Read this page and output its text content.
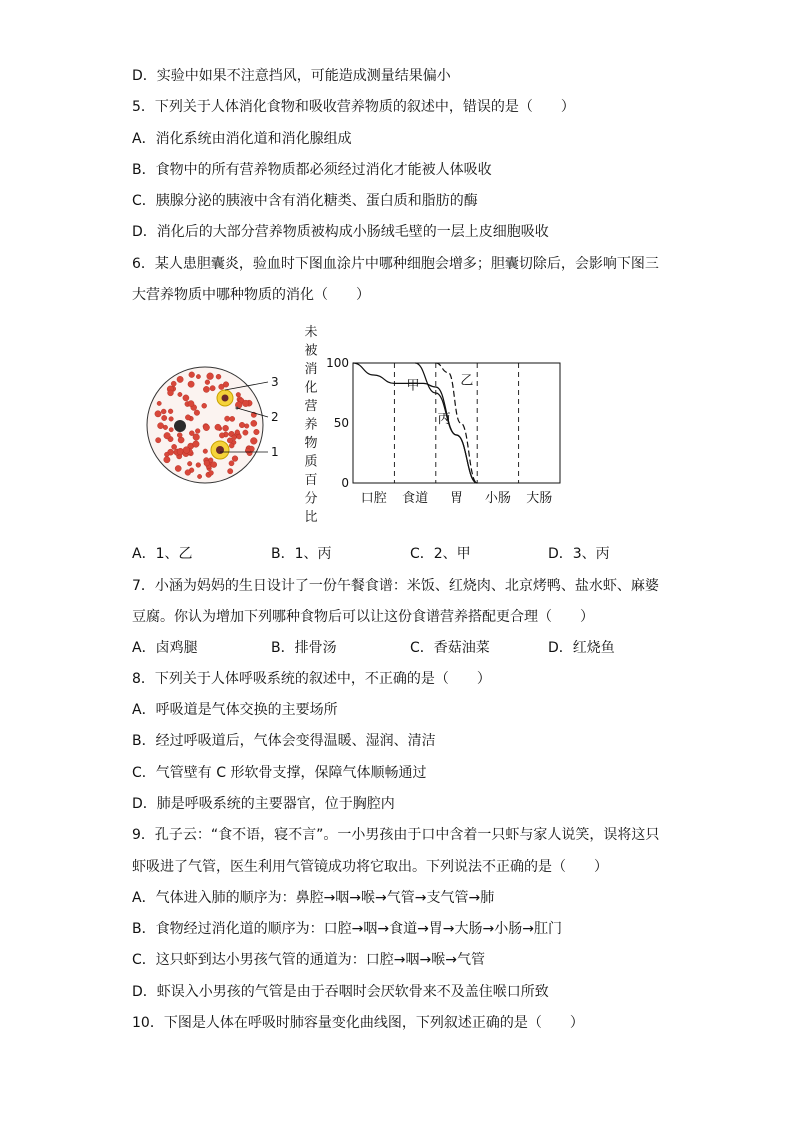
D．实验中如果不注意挡风，可能造成测量结果偏小
5．下列关于人体消化食物和吸收营养物质的叙述中，错误的是（　　）
A．消化系统由消化道和消化腺组成
B．食物中的所有营养物质都必须经过消化才能被人体吸收
C．胰腺分泌的胰液中含有消化糖类、蛋白质和脂肪的酶
D．消化后的大部分营养物质被构成小肠绒毛壁的一层上皮细胞吸收
6．某人患胆囊炎，验血时下图血涂片中哪种细胞会增多；胆囊切除后，会影响下图三
大营养物质中哪种物质的消化（　　）
3
2
1
未
被
消
化
营
养
物
质
百
分
比
100
50
0
口腔 食道 胃 小肠 大肠
甲
丙
乙
A．1、乙	B．1、丙	C．2、甲	D．3、丙
7．小涵为妈妈的生日设计了一份午餐食谱：米饭、红烧肉、北京烤鸭、盐水虾、麻婆
豆腐。你认为增加下列哪种食物后可以让这份食谱营养搭配更合理（　　）
A．卤鸡腿	B．排骨汤	C．香菇油菜	D．红烧鱼
8．下列关于人体呼吸系统的叙述中，不正确的是（　　）
A．呼吸道是气体交换的主要场所
B．经过呼吸道后，气体会变得温暖、湿润、清洁
C．气管壁有 C 形软骨支撑，保障气体顺畅通过
D．肺是呼吸系统的主要器官，位于胸腔内
9．孔子云：“食不语，寝不言”。一小男孩由于口中含着一只虾与家人说笑，误将这只
虾吸进了气管，医生利用气管镜成功将它取出。下列说法不正确的是（　　）
A．气体进入肺的顺序为：鼻腔→咽→喉→气管→支气管→肺
B．食物经过消化道的顺序为：口腔→咽→食道→胃→大肠→小肠→肛门
C．这只虾到达小男孩气管的通道为：口腔→咽→喉→气管
D．虾误入小男孩的气管是由于吞咽时会厌软骨来不及盖住喉口所致
10．下图是人体在呼吸时肺容量变化曲线图，下列叙述正确的是（　　）
